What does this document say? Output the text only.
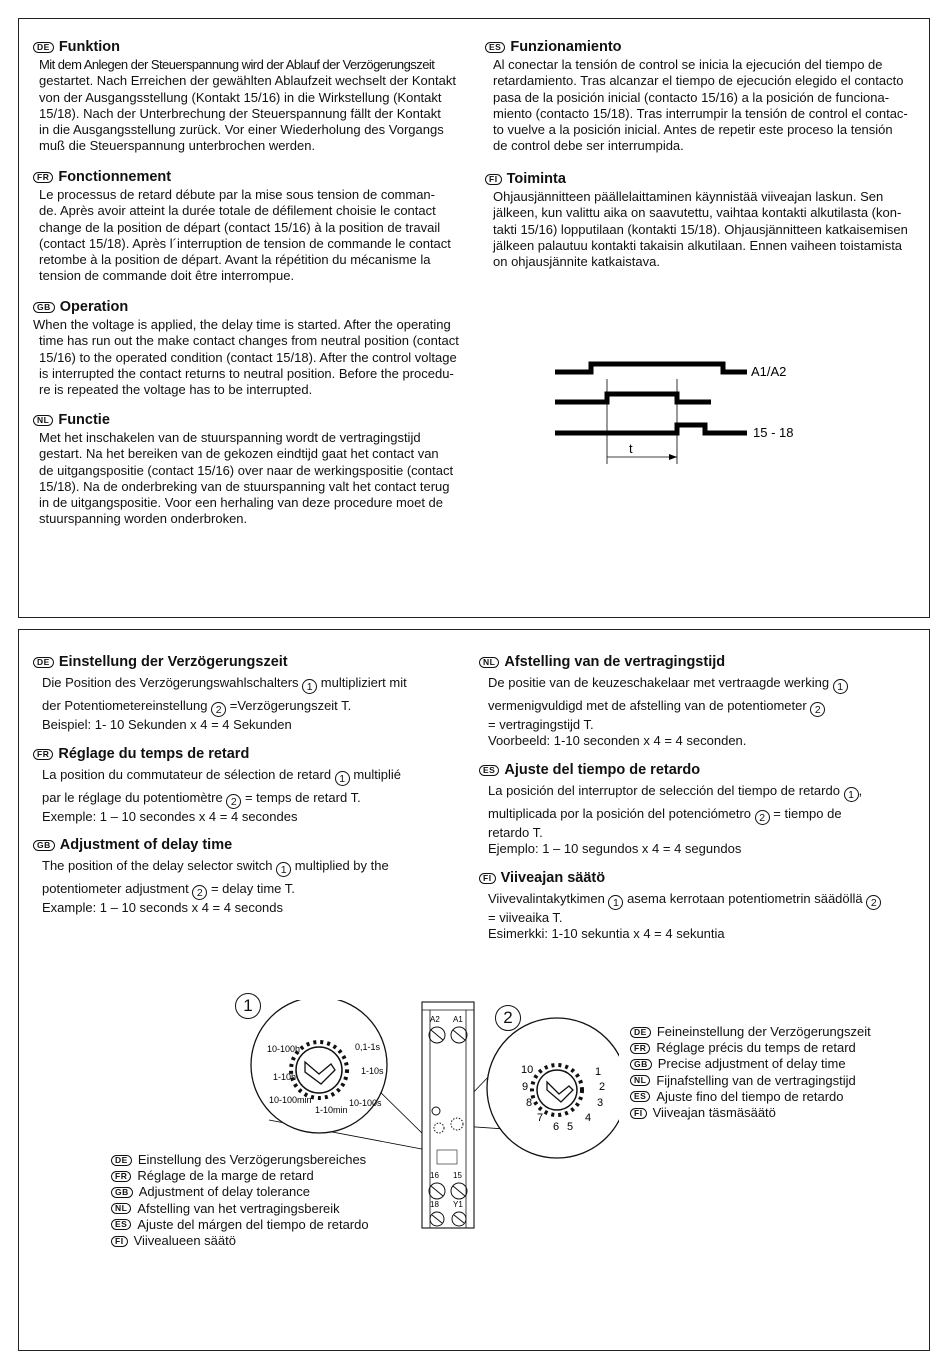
DE Funktion

Mit dem Anlegen der Steuerspannung wird der Ablauf der Verzögerungszeit

gestartet. Nach Erreichen der gewählten Ablaufzeit wechselt der Kontakt

von der Ausgangsstellung (Kontakt 15/16) in die Wirkstellung (Kontakt

15/18). Nach der Unterbrechung der Steuerspannung fällt der Kontakt

in die Ausgangsstellung zurück. Vor einer Wiederholung des Vorgangs

muß die Steuerspannung unterbrochen werden.

FR Fonctionnement

Le processus de retard débute par la mise sous tension de comman-

de. Après avoir atteint la durée totale de défilement choisie le contact

change de la position de départ (contact 15/16) à la position de travail

(contact 15/18). Après l´interruption de tension de commande le contact

retombe à la position de départ. Avant la répétition du mécanisme la

tension de commande doit être interrompue.

GB Operation

When the voltage is applied, the delay time is started. After the operating

time has run out the make contact changes from neutral position (contact

15/16) to the operated condition (contact 15/18). After the control voltage

is interrupted the contact returns to neutral position. Before the procedu-

re is repeated the voltage has to be interrupted.

NL Functie

Met het inschakelen van de stuurspanning wordt de vertragingstijd

gestart. Na het bereiken van de gekozen eindtijd gaat het contact van

de uitgangspositie (contact 15/16) over naar de werkingspositie (contact

15/18). Na de onderbreking van de stuurspanning valt het contact terug

in de uitgangspositie. Voor een herhaling van deze procedure moet de

stuurspanning worden onderbroken.

ES Funzionamiento

Al conectar la tensión de control se inicia la ejecución del tiempo de

retardamiento. Tras alcanzar el tiempo de ejecución elegido el contacto

pasa de la posición inicial (contacto 15/16) a la posición de funciona-

miento (contacto 15/18). Tras interrumpir la tensión de control el contac-

to vuelve a la posición inicial. Antes de repetir este proceso la tensión

de control debe ser interrumpida.

FI Toiminta

Ohjausjännitteen päällelaittaminen käynnistää viiveajan laskun. Sen

jälkeen, kun valittu aika on saavutettu, vaihtaa kontakti alkutilasta (kon-

takti 15/16) lopputilaan (kontakti 15/18). Ohjausjännitteen katkaisemisen

jälkeen palautuu kontakti takaisin alkutilaan. Ennen vaiheen toistamista

on ohjausjännite katkaistava.

A1/A2
15 - 18
t
DE Einstellung der Verzögerungszeit
Die Position des Verzögerungswahlschalters 1 multipliziert mit
der Potentiometereinstellung 2 =Verzögerungszeit T.
Beispiel: 1- 10 Sekunden x 4 = 4 Sekunden
FR Réglage du temps de retard
La position du commutateur de sélection de retard 1 multiplié
par le réglage du potentiomètre 2 = temps de retard T.
Exemple: 1 – 10 secondes x 4 = 4 secondes
GB Adjustment of delay time
The position of the delay selector switch 1 multiplied by the
potentiometer adjustment 2 = delay time T.
Example: 1 – 10 seconds x 4 = 4 seconds
NL Afstelling van de vertragingstijd
De positie van de keuzeschakelaar met vertraagde werking 1
vermenigvuldigd met de afstelling van de potentiometer 2
= vertragingstijd T.
Voorbeeld: 1-10 seconden x 4 = 4 seconden.
ES Ajuste del tiempo de retardo
La posición del interruptor de selección del tiempo de retardo 1 ,
multiplicada por la posición del potenciómetro 2 = tiempo de
retardo T.
Ejemplo: 1 – 10 segundos x 4 = 4 segundos
FI Viiveajan säätö
Viivevalintakytkimen 1 asema kerrotaan potentiometrin säädöllä 2
= viiveaika T.
Esimerkki: 1-10 sekuntia x 4 = 4 sekuntia
1
2
10-100h	0,1-1s
1-10h
1-10s
10-100min	10-100s
1-10min
A2 A1
16 15
18 Y1
10	1
9	2
8	3
7	4
6 5
DE Feineinstellung der Verzögerungszeit
FR Réglage précis du temps de retard
GB Precise adjustment of delay time
NL Fijnafstelling van de vertragingstijd
ES Ajuste fino del tiempo de retardo
FI Viiveajan täsmäsäätö
DE Einstellung des Verzögerungsbereiches
FR Réglage de la marge de retard
GB Adjustment of delay tolerance
NL Afstelling van het vertragingsbereik
ES Ajuste del márgen del tiempo de retardo
FI Viivealueen säätö
